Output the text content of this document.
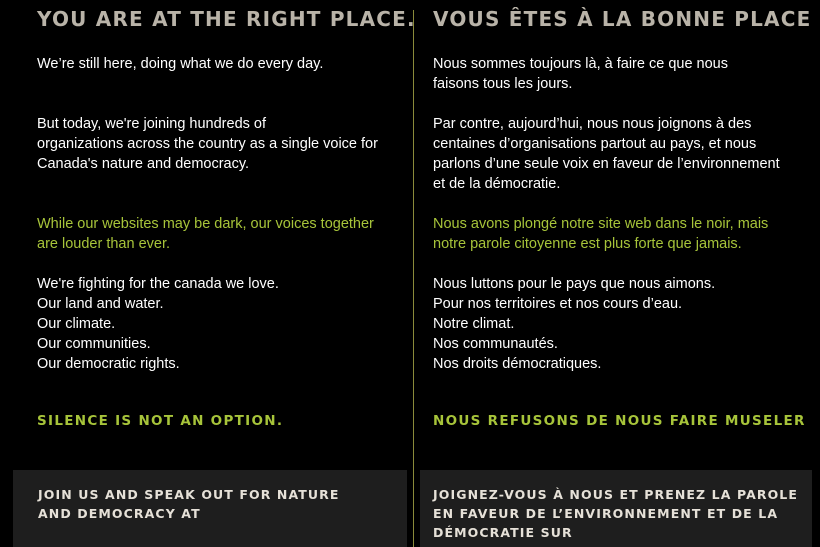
YOU ARE AT THE RIGHT PLACE.

We’re still here, doing what we do every day.

But today, we're joining hundreds of
organizations across the country as a single voice for
Canada's nature and democracy.

While our websites may be dark, our voices together
are louder than ever.

We're fighting for the canada we love.
Our land and water.
Our climate.
Our communities.
Our democratic rights.

SILENCE IS NOT AN OPTION.

VOUS ÊTES À LA BONNE PLACE

Nous sommes toujours là, à faire ce que nous
faisons tous les jours.

Par contre, aujourd’hui, nous nous joignons à des
centaines d’organisations partout au pays, et nous
parlons d’une seule voix en faveur de l’environnement
et de la démocratie.

Nous avons plongé notre site web dans le noir, mais
notre parole citoyenne est plus forte que jamais.

Nous luttons pour le pays que nous aimons.
Pour nos territoires et nos cours d’eau.
Notre climat.
Nos communautés.
Nos droits démocratiques.

NOUS REFUSONS DE NOUS FAIRE MUSELER

JOIN US AND SPEAK OUT FOR NATURE
AND DEMOCRACY AT

JOIGNEZ-VOUS À NOUS ET PRENEZ LA PAROLE
EN FAVEUR DE L’ENVIRONNEMENT ET DE LA
DÉMOCRATIE SUR
